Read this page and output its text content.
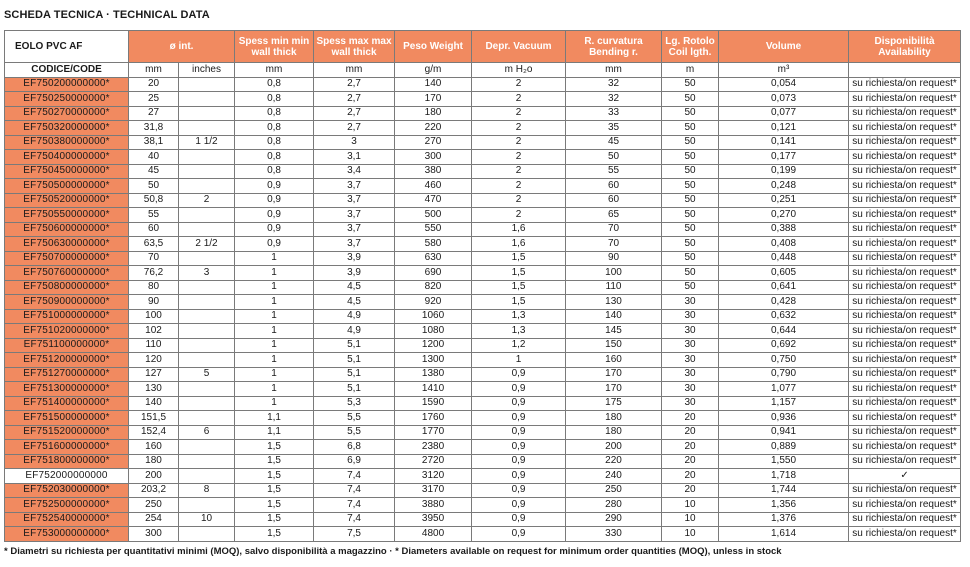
SCHEDA TECNICA · TECHNICAL DATA
EOLO PVC AF	ø int.		Spess min min wall thick	Spess max max wall thick	Peso Weight	Depr. Vacuum	R. curvatura Bending r.	Lg. Rotolo Coil lgth.	Volume	Disponibilità Availability
CODICE/CODE	mm	inches	mm	mm	g/m	m H₂o	mm	m	m³	
EF750200000000*	20		0,8	2,7	140	2	32	50	0,054	su richiesta/on request*
EF750250000000*	25		0,8	2,7	170	2	32	50	0,073	su richiesta/on request*
EF750270000000*	27		0,8	2,7	180	2	33	50	0,077	su richiesta/on request*
EF750320000000*	31,8		0,8	2,7	220	2	35	50	0,121	su richiesta/on request*
EF750380000000*	38,1	1 1/2	0,8	3	270	2	45	50	0,141	su richiesta/on request*
EF750400000000*	40		0,8	3,1	300	2	50	50	0,177	su richiesta/on request*
EF750450000000*	45		0,8	3,4	380	2	55	50	0,199	su richiesta/on request*
EF750500000000*	50		0,9	3,7	460	2	60	50	0,248	su richiesta/on request*
EF750520000000*	50,8	2	0,9	3,7	470	2	60	50	0,251	su richiesta/on request*
EF750550000000*	55		0,9	3,7	500	2	65	50	0,270	su richiesta/on request*
EF750600000000*	60		0,9	3,7	550	1,6	70	50	0,388	su richiesta/on request*
EF750630000000*	63,5	2 1/2	0,9	3,7	580	1,6	70	50	0,408	su richiesta/on request*
EF750700000000*	70		1	3,9	630	1,5	90	50	0,448	su richiesta/on request*
EF750760000000*	76,2	3	1	3,9	690	1,5	100	50	0,605	su richiesta/on request*
EF750800000000*	80		1	4,5	820	1,5	110	50	0,641	su richiesta/on request*
EF750900000000*	90		1	4,5	920	1,5	130	30	0,428	su richiesta/on request*
EF751000000000*	100		1	4,9	1060	1,3	140	30	0,632	su richiesta/on request*
EF751020000000*	102		1	4,9	1080	1,3	145	30	0,644	su richiesta/on request*
EF751100000000*	110		1	5,1	1200	1,2	150	30	0,692	su richiesta/on request*
EF751200000000*	120		1	5,1	1300	1	160	30	0,750	su richiesta/on request*
EF751270000000*	127	5	1	5,1	1380	0,9	170	30	0,790	su richiesta/on request*
EF751300000000*	130		1	5,1	1410	0,9	170	30	1,077	su richiesta/on request*
EF751400000000*	140		1	5,3	1590	0,9	175	30	1,157	su richiesta/on request*
EF751500000000*	151,5		1,1	5,5	1760	0,9	180	20	0,936	su richiesta/on request*
EF751520000000*	152,4	6	1,1	5,5	1770	0,9	180	20	0,941	su richiesta/on request*
EF751600000000*	160		1,5	6,8	2380	0,9	200	20	0,889	su richiesta/on request*
EF751800000000*	180		1,5	6,9	2720	0,9	220	20	1,550	su richiesta/on request*
EF752000000000	200		1,5	7,4	3120	0,9	240	20	1,718	✓
EF752030000000*	203,2	8	1,5	7,4	3170	0,9	250	20	1,744	su richiesta/on request*
EF752500000000*	250		1,5	7,4	3880	0,9	280	10	1,356	su richiesta/on request*
EF752540000000*	254	10	1,5	7,4	3950	0,9	290	10	1,376	su richiesta/on request*
EF753000000000*	300		1,5	7,5	4800	0,9	330	10	1,614	su richiesta/on request*
* Diametri su richiesta per quantitativi minimi (MOQ), salvo disponibilità a magazzino · * Diameters available on request for minimum order quantities (MOQ), unless in stock
